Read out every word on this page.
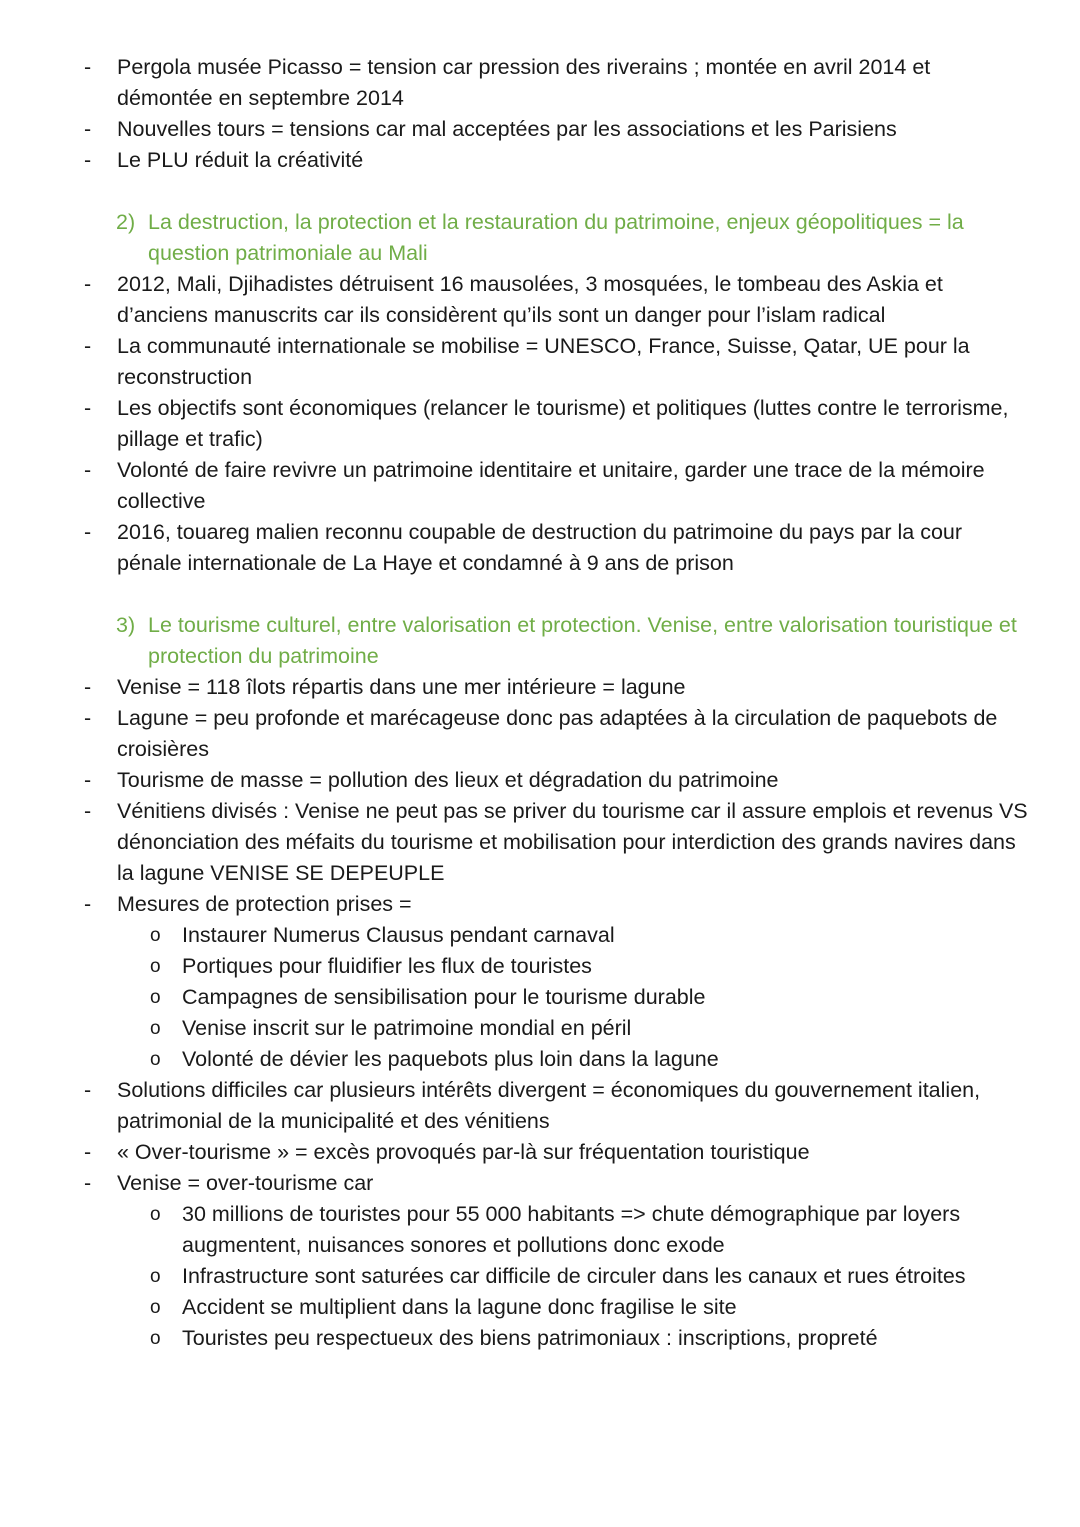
- Pergola musée Picasso = tension car pression des riverains ; montée en avril 2014 et démontée en septembre 2014
- Nouvelles tours = tensions car mal acceptées par les associations et les Parisiens
- Le PLU réduit la créativité
2) La destruction, la protection et la restauration du patrimoine, enjeux géopolitiques = la question patrimoniale au Mali
- 2012, Mali, Djihadistes détruisent 16 mausolées, 3 mosquées, le tombeau des Askia et d’anciens manuscrits car ils considèrent qu’ils sont un danger pour l’islam radical
- La communauté internationale se mobilise = UNESCO, France, Suisse, Qatar, UE pour la reconstruction
- Les objectifs sont économiques (relancer le tourisme) et politiques (luttes contre le terrorisme, pillage et trafic)
- Volonté de faire revivre un patrimoine identitaire et unitaire, garder une trace de la mémoire collective
- 2016, touareg malien reconnu coupable de destruction du patrimoine du pays par la cour pénale internationale de La Haye et condamné à 9 ans de prison
3) Le tourisme culturel, entre valorisation et protection. Venise, entre valorisation touristique et protection du patrimoine
- Venise = 118 îlots répartis dans une mer intérieure = lagune
- Lagune = peu profonde et marécageuse donc pas adaptées à la circulation de paquebots de croisières
- Tourisme de masse = pollution des lieux et dégradation du patrimoine
- Vénitiens divisés : Venise ne peut pas se priver du tourisme car il assure emplois et revenus VS dénonciation des méfaits du tourisme et mobilisation pour interdiction des grands navires dans la lagune VENISE SE DEPEUPLE
- Mesures de protection prises =
o Instaurer Numerus Clausus pendant carnaval
o Portiques pour fluidifier les flux de touristes
o Campagnes de sensibilisation pour le tourisme durable
o Venise inscrit sur le patrimoine mondial en péril
o Volonté de dévier les paquebots plus loin dans la lagune
- Solutions difficiles car plusieurs intérêts divergent = économiques du gouvernement italien, patrimonial de la municipalité et des vénitiens
- « Over-tourisme » = excès provoqués par-là sur fréquentation touristique
- Venise = over-tourisme car
o 30 millions de touristes pour 55 000 habitants => chute démographique par loyers augmentent, nuisances sonores et pollutions donc exode
o Infrastructure sont saturées car difficile de circuler dans les canaux et rues étroites
o Accident se multiplient dans la lagune donc fragilise le site
o Touristes peu respectueux des biens patrimoniaux : inscriptions, propreté
